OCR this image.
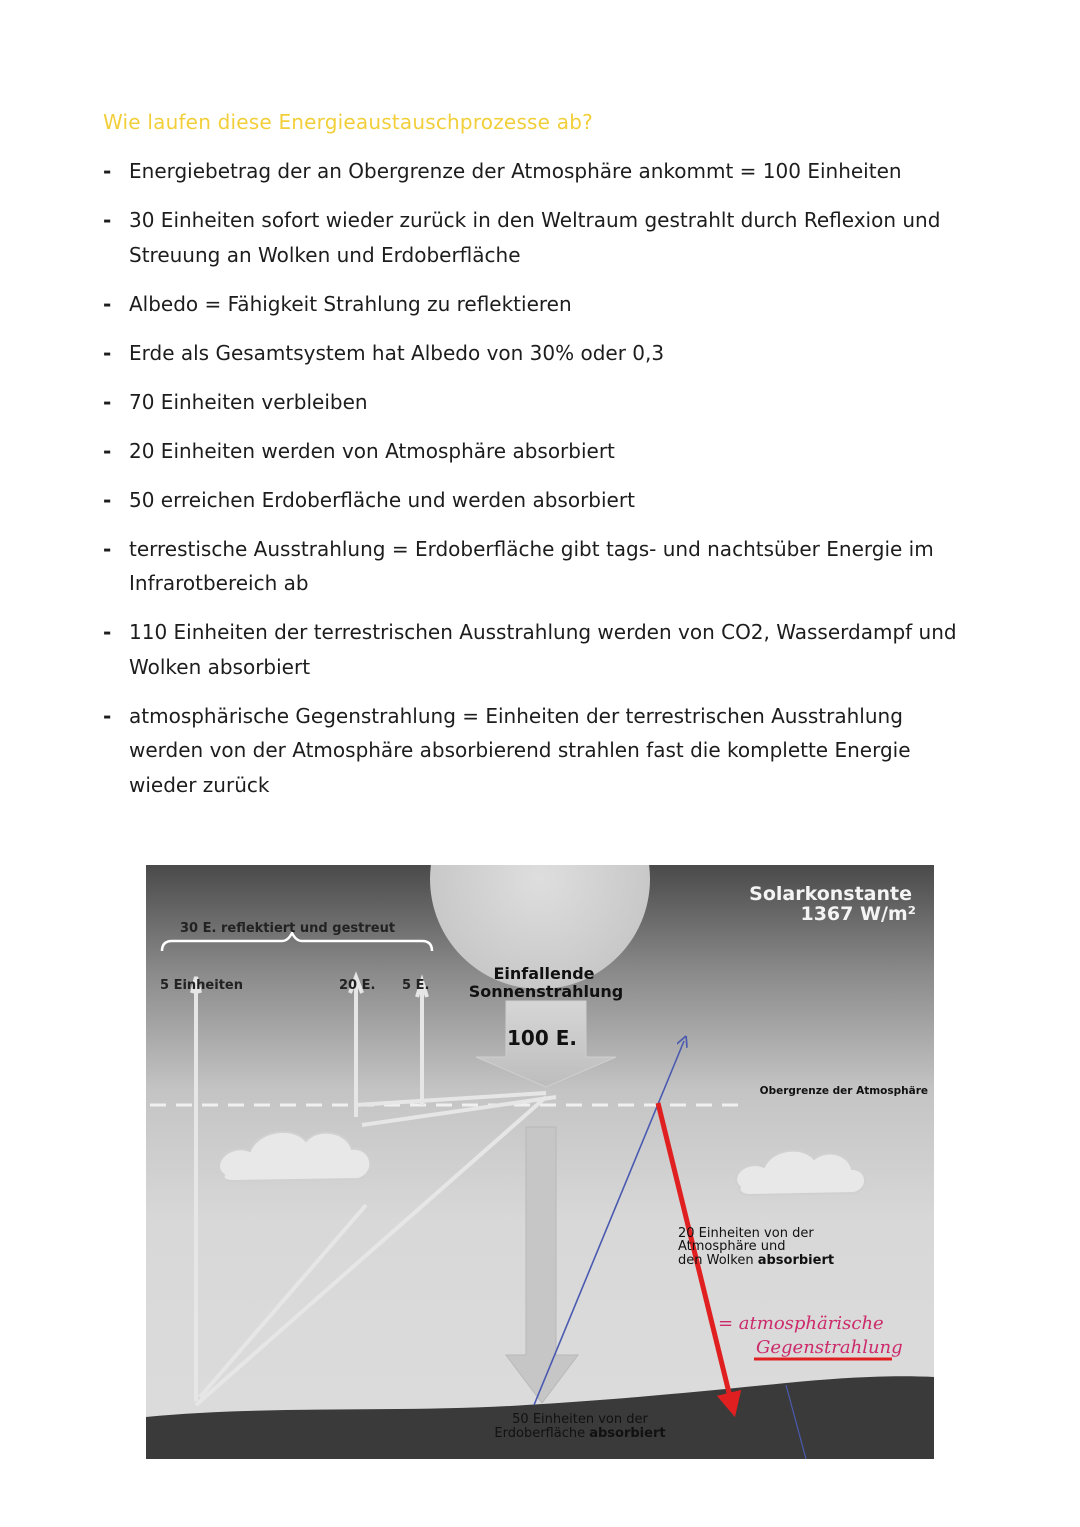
Wie laufen diese Energieaustauschprozesse ab?
- Energiebetrag der an Obergrenze der Atmosphäre ankommt = 100 Einheiten
- 30 Einheiten sofort wieder zurück in den Weltraum gestrahlt durch Reflexion und Streuung an Wolken und Erdoberfläche
- Albedo = Fähigkeit Strahlung zu reflektieren
- Erde als Gesamtsystem hat Albedo von 30% oder 0,3
- 70 Einheiten verbleiben
- 20 Einheiten werden von Atmosphäre absorbiert
- 50 erreichen Erdoberfläche und werden absorbiert
- terrestische Ausstrahlung = Erdoberfläche gibt tags- und nachtsüber Energie im Infrarotbereich ab
- 110 Einheiten der terrestrischen Ausstrahlung werden von CO2, Wasserdampf und Wolken absorbiert
- atmosphärische Gegenstrahlung = Einheiten der terrestrischen Ausstrahlung werden von der Atmosphäre absorbierend strahlen fast die komplette Energie wieder zurück
Solarkonstante
1367 W/m²
30 E. reflektiert und gestreut
5 Einheiten	20 E. 5 E.
Einfallende
Sonnenstrahlung
100 E.
Obergrenze der Atmosphäre
20 Einheiten von der
Atmosphäre und
den Wolken absorbiert
= atmosphärische
Gegenstrahlung
50 Einheiten von der
Erdoberfläche absorbiert
